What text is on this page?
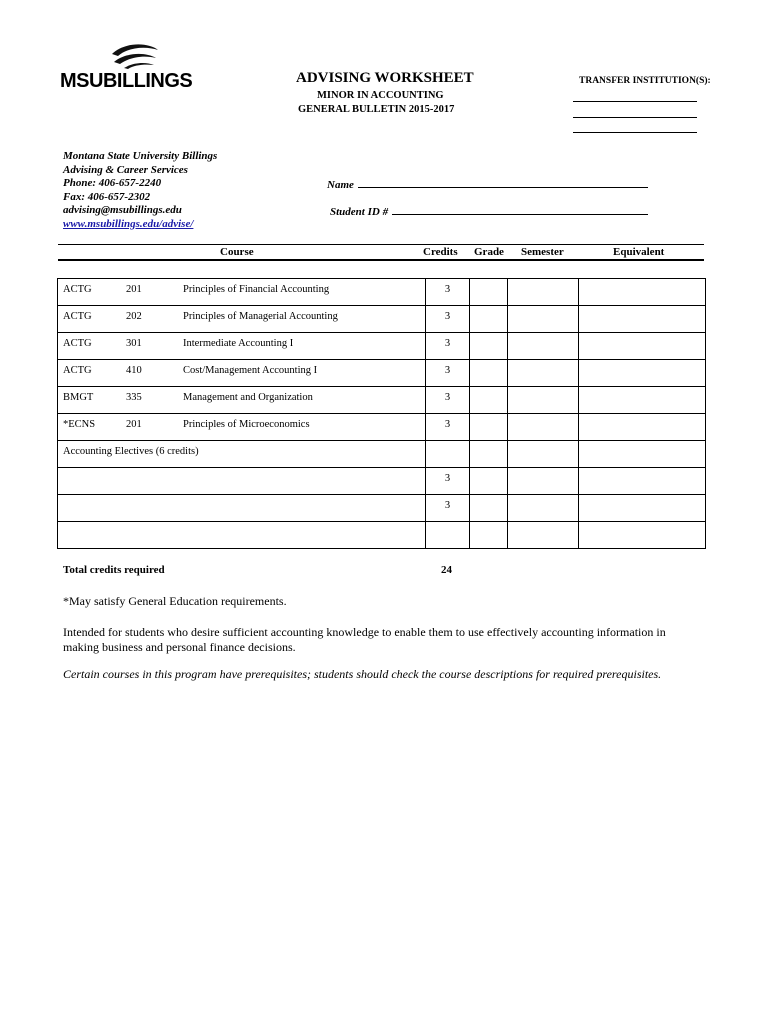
MSUBILLINGS	ADVISING WORKSHEET
MINOR IN ACCOUNTING
GENERAL BULLETIN 2015-2017
TRANSFER INSTITUTION(S):
Montana State University Billings
Advising & Career Services
Phone: 406-657-2240
Fax: 406-657-2302
advising@msubillings.edu
www.msubillings.edu/advise/
Name
Student ID #
Course	Credits Grade Semester	Equivalent
ACTG 201 Principles of Financial Accounting	3			

ACTG 202 Principles of Managerial Accounting	3			

ACTG 301 Intermediate Accounting I	3			

ACTG 410 Cost/Management Accounting I	3			

BMGT 335 Management and Organization	3			

*ECNS 201 Principles of Microeconomics	3			

Accounting Electives (6 credits)				

	3			
	3			

Total credits required	24
*May satisfy General Education requirements.
Intended for students who desire sufficient accounting knowledge to enable them to use effectively accounting information in making business and personal finance decisions.
Certain courses in this program have prerequisites; students should check the course descriptions for required prerequisites.
